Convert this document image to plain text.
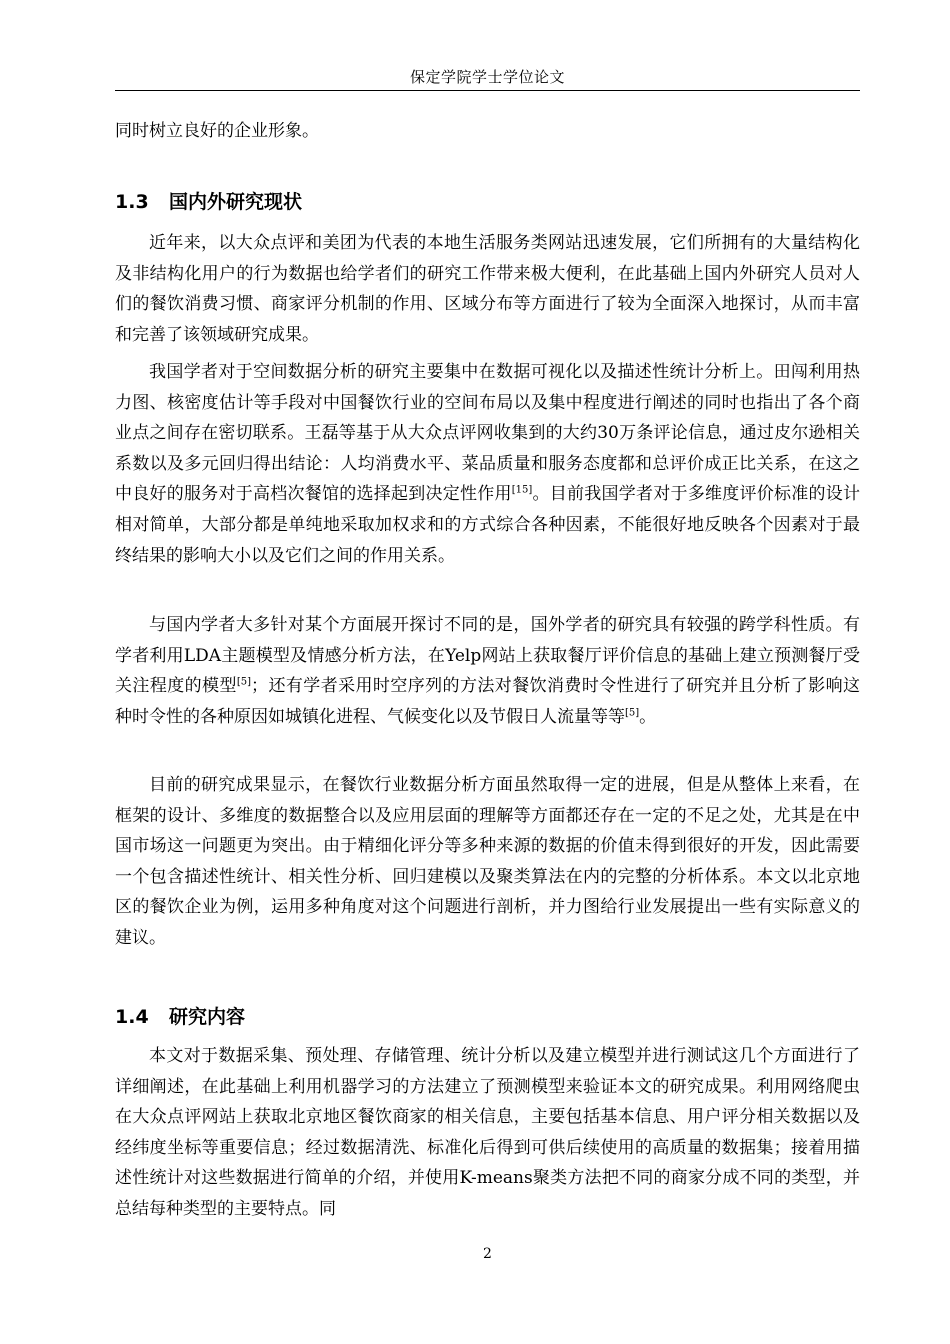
保定学院学士学位论文

同时树立良好的企业形象。

1.3 国内外研究现状

近年来，以大众点评和美团为代表的本地生活服务类网站迅速发展，它们所拥有的大量结构化及非结构化用户的行为数据也给学者们的研究工作带来极大便利，在此基础上国内外研究人员对人们的餐饮消费习惯、商家评分机制的作用、区域分布等方面进行了较为全面深入地探讨，从而丰富和完善了该领域研究成果。

我国学者对于空间数据分析的研究主要集中在数据可视化以及描述性统计分析上。田闯利用热力图、核密度估计等手段对中国餐饮行业的空间布局以及集中程度进行阐述的同时也指出了各个商业点之间存在密切联系。王磊等基于从大众点评网收集到的大约30万条评论信息，通过皮尔逊相关系数以及多元回归得出结论：人均消费水平、菜品质量和服务态度都和总评价成正比关系，在这之中良好的服务对于高档次餐馆的选择起到决定性作用[15]。目前我国学者对于多维度评价标准的设计相对简单，大部分都是单纯地采取加权求和的方式综合各种因素，不能很好地反映各个因素对于最终结果的影响大小以及它们之间的作用关系。

与国内学者大多针对某个方面展开探讨不同的是，国外学者的研究具有较强的跨学科性质。有学者利用LDA主题模型及情感分析方法，在Yelp网站上获取餐厅评价信息的基础上建立预测餐厅受关注程度的模型[5]；还有学者采用时空序列的方法对餐饮消费时令性进行了研究并且分析了影响这种时令性的各种原因如城镇化进程、气候变化以及节假日人流量等等[5]。

目前的研究成果显示，在餐饮行业数据分析方面虽然取得一定的进展，但是从整体上来看，在框架的设计、多维度的数据整合以及应用层面的理解等方面都还存在一定的不足之处，尤其是在中国市场这一问题更为突出。由于精细化评分等多种来源的数据的价值未得到很好的开发，因此需要一个包含描述性统计、相关性分析、回归建模以及聚类算法在内的完整的分析体系。本文以北京地区的餐饮企业为例，运用多种角度对这个问题进行剖析，并力图给行业发展提出一些有实际意义的建议。

1.4 研究内容

本文对于数据采集、预处理、存储管理、统计分析以及建立模型并进行测试这几个方面进行了详细阐述，在此基础上利用机器学习的方法建立了预测模型来验证本文的研究成果。利用网络爬虫在大众点评网站上获取北京地区餐饮商家的相关信息，主要包括基本信息、用户评分相关数据以及经纬度坐标等重要信息；经过数据清洗、标准化后得到可供后续使用的高质量的数据集；接着用描述性统计对这些数据进行简单的介绍，并使用K-means聚类方法把不同的商家分成不同的类型，并总结每种类型的主要特点。同

2
